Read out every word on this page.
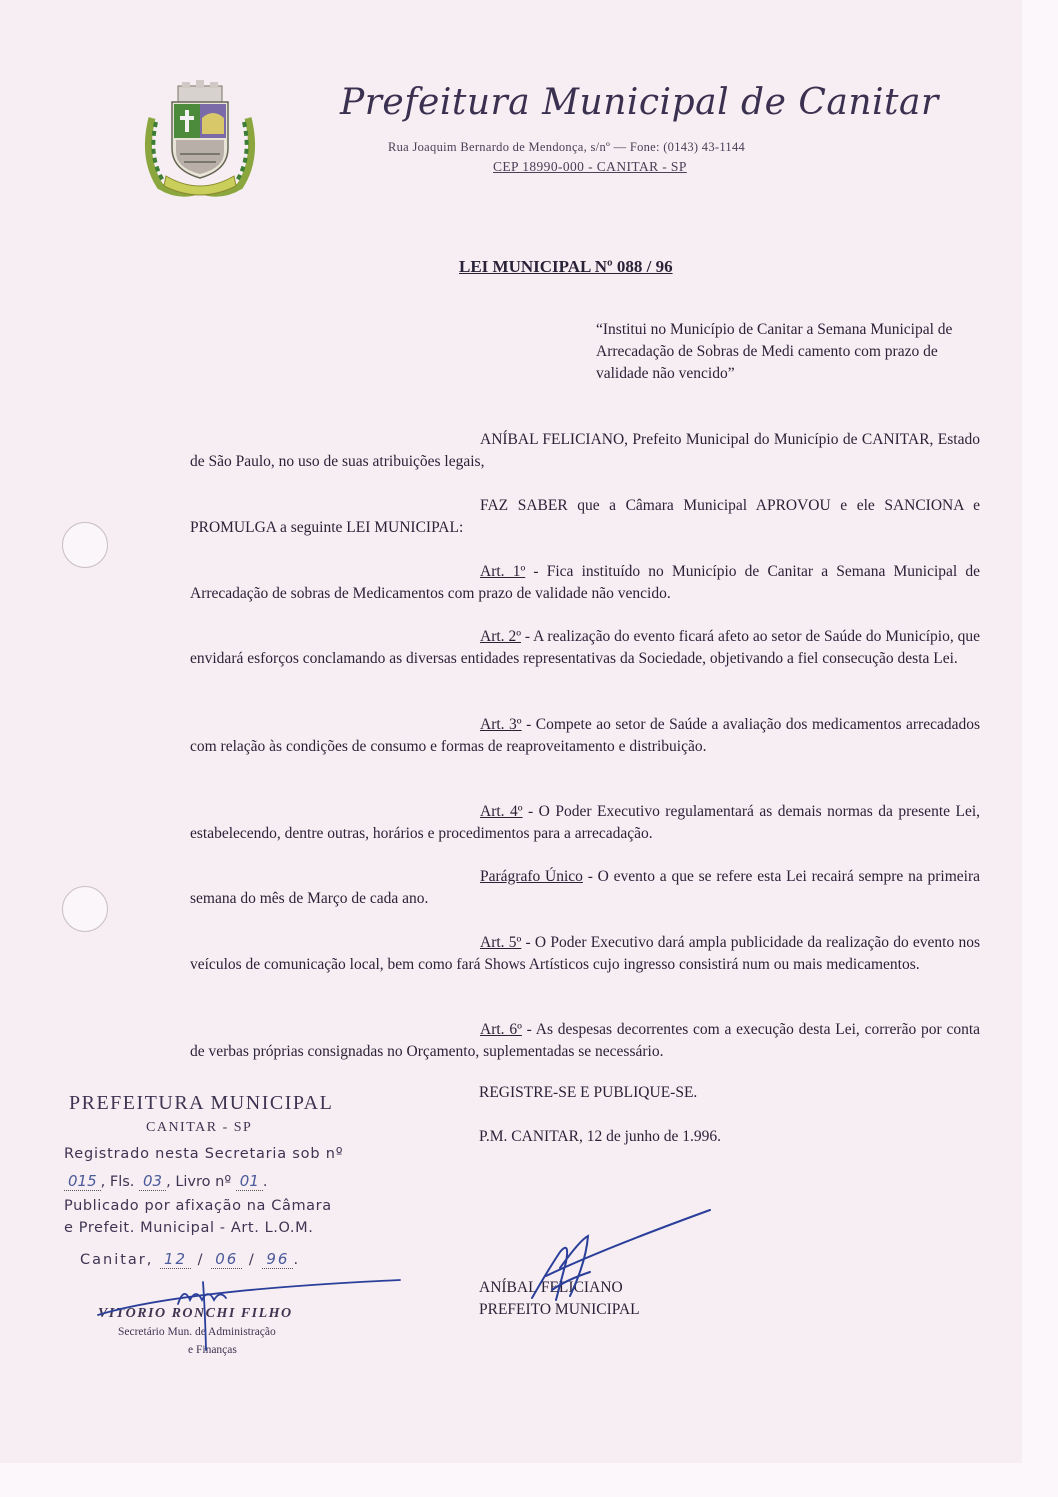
Prefeitura Municipal de Canitar
Rua Joaquim Bernardo de Mendonça, s/nº — Fone: (0143) 43-1144
CEP 18990-000 - CANITAR - SP
LEI MUNICIPAL Nº 088 / 96
“Institui no Município de Canitar a Semana Municipal de Arrecadação de Sobras de Medi camento com prazo de validade não vencido”
ANÍBAL FELICIANO, Prefeito Municipal do Município de CANITAR, Estado de São Paulo, no uso de suas atribuições legais,
FAZ SABER que a Câmara Municipal APROVOU e ele SANCIONA e PROMULGA a seguinte LEI MUNICIPAL:
Art. 1º - Fica instituído no Município de Canitar a Semana Municipal de Arrecadação de sobras de Medicamentos com prazo de validade não vencido.
Art. 2º - A realização do evento ficará afeto ao setor de Saúde do Município, que envidará esforços conclamando as diversas entidades representativas da Sociedade, objetivando a fiel consecução desta Lei.
Art. 3º - Compete ao setor de Saúde a avaliação dos medicamentos arrecadados com relação às condições de consumo e formas de reaproveitamento e distribuição.
Art. 4º - O Poder Executivo regulamentará as demais normas da presente Lei, estabelecendo, dentre outras, horários e procedimentos para a arrecadação.
Parágrafo Único - O evento a que se refere esta Lei recairá sempre na primeira semana do mês de Março de cada ano.
Art. 5º - O Poder Executivo dará ampla publicidade da realização do evento nos veículos de comunicação local, bem como fará Shows Artísticos cujo ingresso consistirá num ou mais medicamentos.
Art. 6º - As despesas decorrentes com a execução desta Lei, correrão por conta de verbas próprias consignadas no Orçamento, suplementadas se necessário.
REGISTRE-SE E PUBLIQUE-SE.
P.M. CANITAR, 12 de junho de 1.996.
ANÍBAL FELICIANO
PREFEITO MUNICIPAL
PREFEITURA MUNICIPAL
CANITAR - SP
Registrado nesta Secretaria sob nº
015 , Fls. 03 , Livro nº 01 .
Publicado por afixação na Câmara
e Prefeit. Municipal - Art. L.O.M.
Canitar, 12 / 06 / 96 .
VITORIO RONCHI FILHO
Secretário Mun. de Administração
e Finanças
